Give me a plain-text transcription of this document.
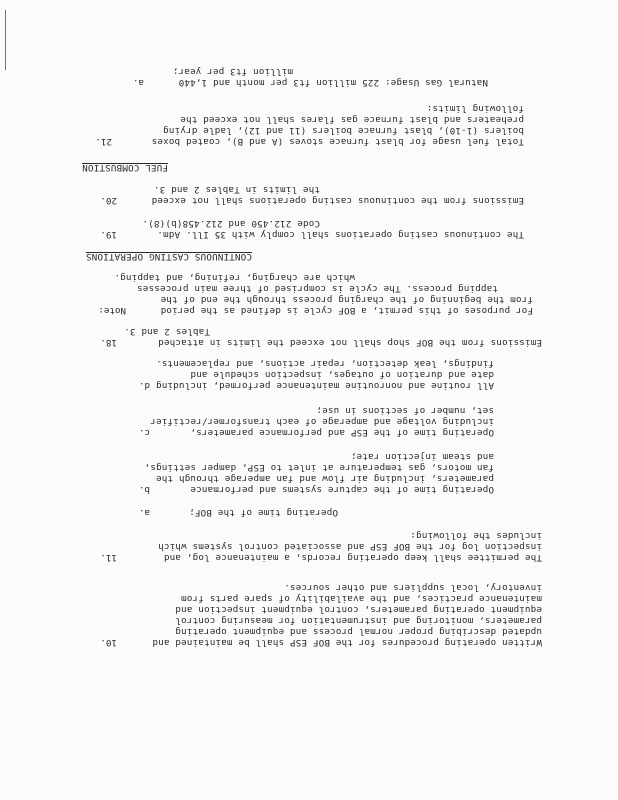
10.	Written operating procedures for the BOF ESP shall be maintained and
updated describing proper normal process and equipment operating
parameters, monitoring and instrumentation for measuring control
equipment operating parameters, control equipment inspection and
maintenance practices, and the availability of spare parts from
inventory, local suppliers and other sources.
11.	The permittee shall keep operating records, a maintenance log, and
inspection log for the BOF ESP and associated control systems which
includes the following:
a.	Operating time of the BOF;
b.	Operating time of the capture systems and performance
parameters, including air flow and fan amperage through the
fan motors, gas temperature at inlet to ESP, damper settings,
and steam injection rate;
c.	Operating time of the ESP and performance parameters,
including voltage and amperage of each transformer/rectifier
set, number of sections in use;
d. All routine and nonroutine maintenance performed, including
date and duration of outages, inspection schedule and
findings, leak detection, repair actions, and replacements.
18.	Emissions from the BOF shop shall not exceed the limits in attached
Tables 2 and 3.
Note:	For purposes of this permit, a BOF cycle is defined as the period
from the beginning of the charging process through the end of the
tapping process. The cycle is comprised of three main processes
which are charging, refining, and tapping.
CONTINUOUS CASTING OPERATIONS
19.	The continuous casting operations shall comply with 35 Ill. Adm.
Code 212.450 and 212.458(b)(8).
20.	Emissions from the continuous casting operations shall not exceed
the limits in Tables 2 and 3.
FUEL COMBUSTION
21.	Total fuel usage for blast furnace stoves (A and B), coated boxes
boilers (1-10), blast furnace boilers (11 and 12), ladle drying
preheaters and blast furnace gas flares shall not exceed the
following limits:
a.	Natural Gas Usage: 225 million ft3 per month and 1,440
million ft3 per year;
